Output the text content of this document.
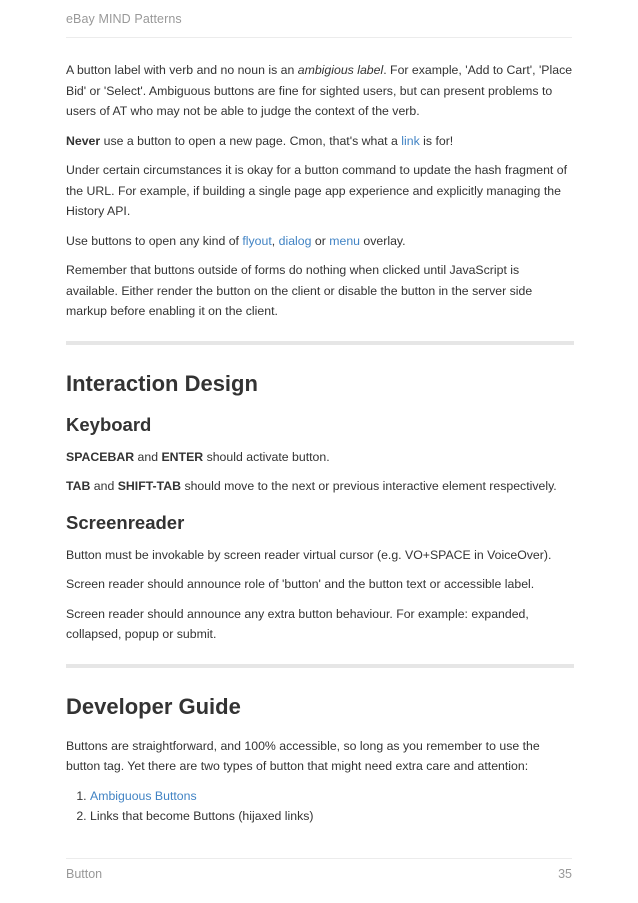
eBay MIND Patterns

A button label with verb and no noun is an ambigious label. For example, 'Add to Cart', 'Place Bid' or 'Select'. Ambiguous buttons are fine for sighted users, but can present problems to users of AT who may not be able to judge the context of the verb.

Never use a button to open a new page. Cmon, that's what a link is for!

Under certain circumstances it is okay for a button command to update the hash fragment of the URL. For example, if building a single page app experience and explicitly managing the History API.

Use buttons to open any kind of flyout, dialog or menu overlay.

Remember that buttons outside of forms do nothing when clicked until JavaScript is available. Either render the button on the client or disable the button in the server side markup before enabling it on the client.

Interaction Design
Keyboard

SPACEBAR and ENTER should activate button.

TAB and SHIFT-TAB should move to the next or previous interactive element respectively.

Screenreader

Button must be invokable by screen reader virtual cursor (e.g. VO+SPACE in VoiceOver).

Screen reader should announce role of 'button' and the button text or accessible label.

Screen reader should announce any extra button behaviour. For example: expanded, collapsed, popup or submit.

Developer Guide

Buttons are straightforward, and 100% accessible, so long as you remember to use the button tag. Yet there are two types of button that might need extra care and attention:

1. Ambiguous Buttons
2. Links that become Buttons (hijaxed links)
Button	35
